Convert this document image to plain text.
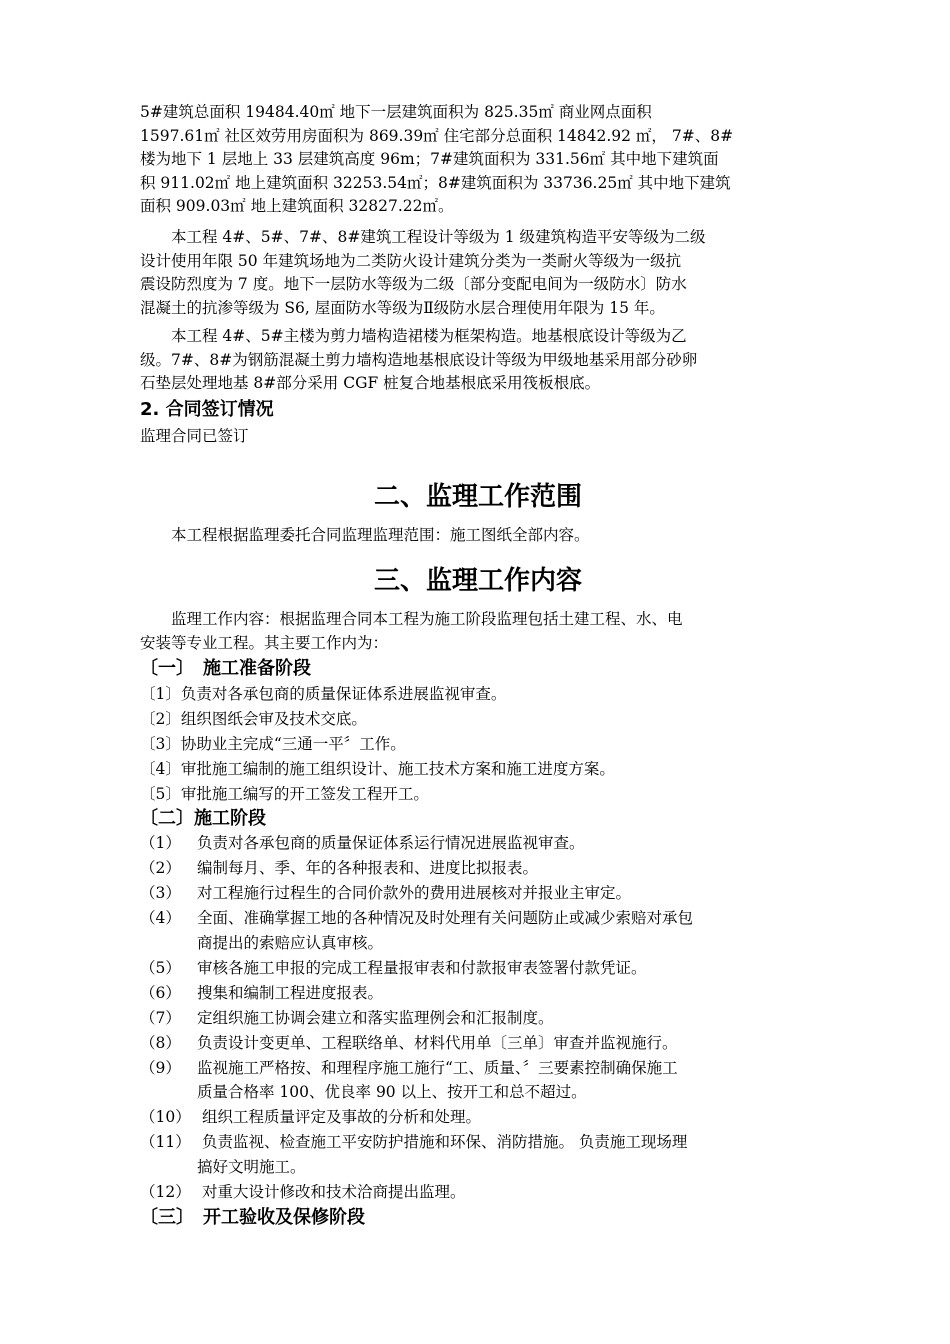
5#建筑总面积 19484.40㎡ 地下一层建筑面积为 825.35㎡ 商业网点面积
1597.61㎡ 社区效劳用房面积为 869.39㎡ 住宅部分总面积 14842.92 ㎡， 7#、8#
楼为地下 1 层地上 33 层建筑高度 96m；7#建筑面积为 331.56㎡ 其中地下建筑面
积 911.02㎡ 地上建筑面积 32253.54㎡；8#建筑面积为 33736.25㎡ 其中地下建筑
面积 909.03㎡ 地上建筑面积 32827.22㎡。
　　本工程 4#、5#、7#、8#建筑工程设计等级为 1 级建筑构造平安等级为二级
设计使用年限 50 年建筑场地为二类防火设计建筑分类为一类耐火等级为一级抗
震设防烈度为 7 度。地下一层防水等级为二级〔部分变配电间为一级防水〕防水
混凝土的抗渗等级为 S6, 屋面防水等级为Ⅱ级防水层合理使用年限为 15 年。
　　本工程 4#、5#主楼为剪力墙构造裙楼为框架构造。地基根底设计等级为乙
级。7#、8#为钢筋混凝土剪力墙构造地基根底设计等级为甲级地基采用部分砂卵
石垫层处理地基 8#部分采用 CGF 桩复合地基根底采用筏板根底。
2. 合同签订情况
监理合同已签订
二、监理工作范围
　　本工程根据监理委托合同监理监理范围：施工图纸全部内容。
三、监理工作内容
　　监理工作内容：根据监理合同本工程为施工阶段监理包括土建工程、水、电
安装等专业工程。其主要工作内为：
〔一〕　施工准备阶段
〔1〕负责对各承包商的质量保证体系进展监视审查。
〔2〕组织图纸会审及技术交底。
〔3〕协助业主完成“三通一平〞工作。
〔4〕审批施工编制的施工组织设计、施工技术方案和施工进度方案。
〔5〕审批施工编写的开工签发工程开工。
〔二〕施工阶段
（1） 负责对各承包商的质量保证体系运行情况进展监视审查。
（2） 编制每月、季、年的各种报表和、进度比拟报表。
（3） 对工程施行过程生的合同价款外的费用进展核对并报业主审定。
（4） 全面、准确掌握工地的各种情况及时处理有关问题防止或减少索赔对承包
商提出的索赔应认真审核。
（5） 审核各施工申报的完成工程量报审表和付款报审表签署付款凭证。
（6） 搜集和编制工程进度报表。
（7） 定组织施工协调会建立和落实监理例会和汇报制度。
（8） 负责设计变更单、工程联络单、材料代用单〔三单〕审查并监视施行。
（9） 监视施工严格按、和理程序施工施行“工、质量、〞三要素控制确保施工
质量合格率 100、优良率 90 以上、按开工和总不超过。
（10） 组织工程质量评定及事故的分析和处理。
（11） 负责监视、检查施工平安防护措施和环保、消防措施。 负责施工现场理
搞好文明施工。
（12） 对重大设计修改和技术洽商提出监理。
〔三〕　开工验收及保修阶段
